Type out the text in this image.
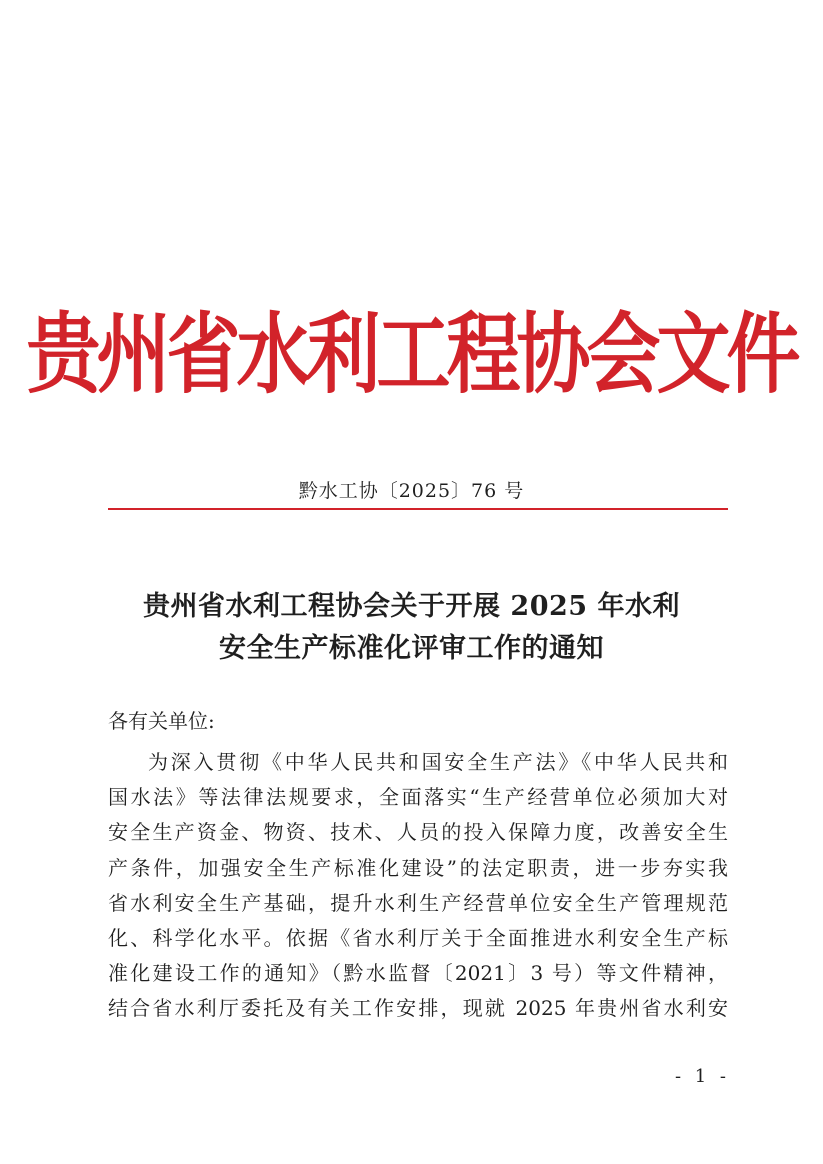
贵州省水利工程协会文件
黔水工协〔2025〕76 号
贵州省水利工程协会关于开展 2025 年水利
安全生产标准化评审工作的通知
各有关单位:
为深入贯彻《中华人民共和国安全生产法》《中华人民共和
国水法》等法律法规要求，全面落实“生产经营单位必须加大对
安全生产资金、物资、技术、人员的投入保障力度，改善安全生
产条件，加强安全生产标准化建设”的法定职责，进一步夯实我
省水利安全生产基础，提升水利生产经营单位安全生产管理规范
化、科学化水平。依据《省水利厅关于全面推进水利安全生产标
准化建设工作的通知》（黔水监督〔2021〕3 号）等文件精神，
结合省水利厅委托及有关工作安排，现就 2025 年贵州省水利安
- 1 -
